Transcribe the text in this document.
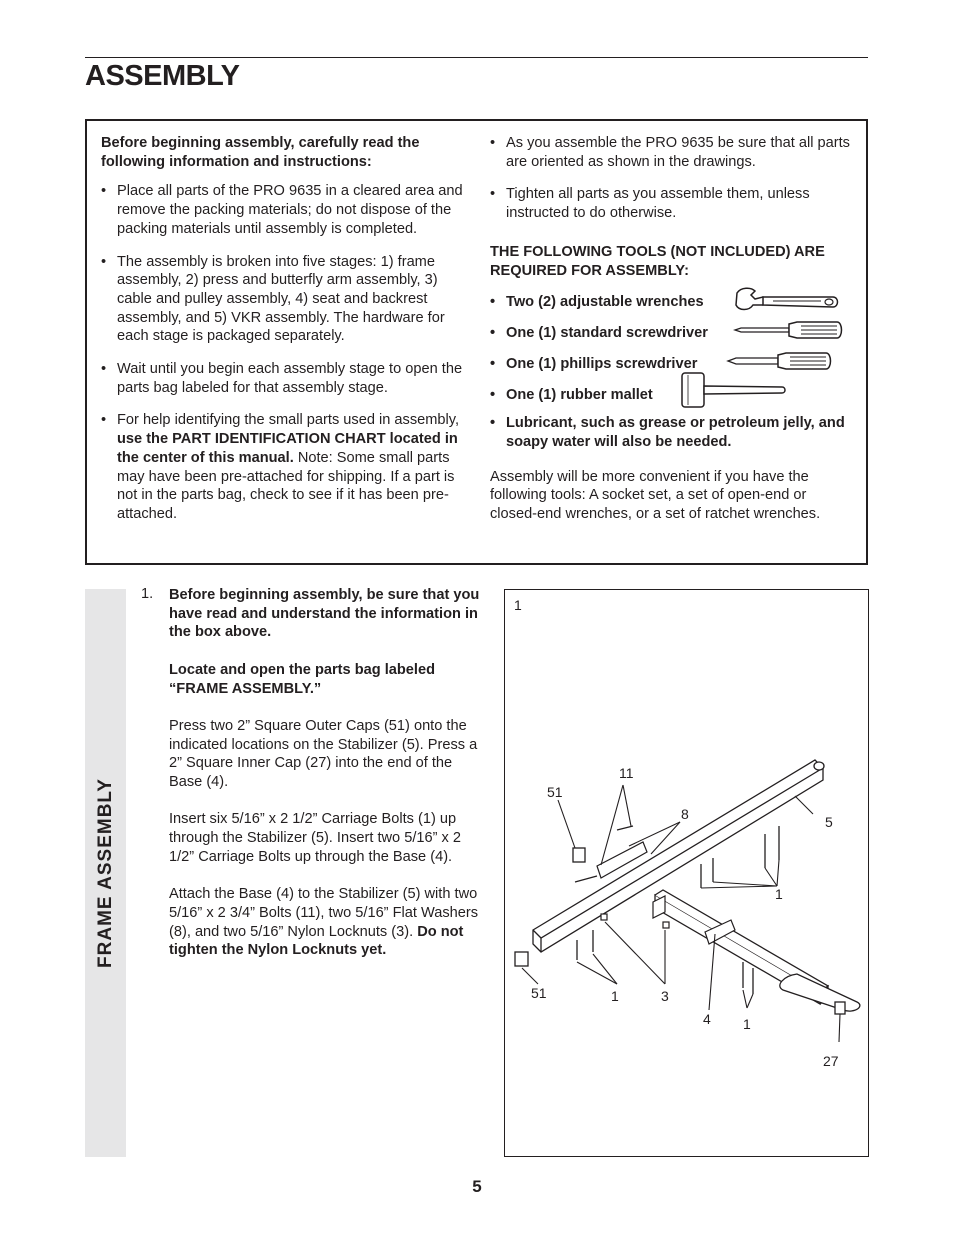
ASSEMBLY

Before beginning assembly, carefully read the following information and instructions:

• Place all parts of the PRO 9635 in a cleared area and remove the packing materials; do not dispose of the packing materials until assembly is completed.

• The assembly is broken into five stages: 1) frame assembly, 2) press and butterfly arm assembly, 3) cable and pulley assembly, 4) seat and backrest assembly, and 5) VKR assembly. The hardware for each stage is packaged separately.

• Wait until you begin each assembly stage to open the parts bag labeled for that assembly stage.

• For help identifying the small parts used in assembly, use the PART IDENTIFICATION CHART located in the center of this manual. Note: Some small parts may have been pre-attached for shipping. If a part is not in the parts bag, check to see if it has been pre-attached.

• As you assemble the PRO 9635 be sure that all parts are oriented as shown in the drawings.

• Tighten all parts as you assemble them, unless instructed to do otherwise.

THE FOLLOWING TOOLS (NOT INCLUDED) ARE REQUIRED FOR ASSEMBLY:

• Two (2) adjustable wrenches
• One (1) standard screwdriver
• One (1) phillips screwdriver
• One (1) rubber mallet

• Lubricant, such as grease or petroleum jelly, and soapy water will also be needed.

Assembly will be more convenient if you have the following tools: A socket set, a set of open-end or closed-end wrenches, or a set of ratchet wrenches.

FRAME ASSEMBLY
1. Before beginning assembly, be sure that you have read and understand the information in the box above.

Locate and open the parts bag labeled “FRAME ASSEMBLY.”

Press two 2” Square Outer Caps (51) onto the indicated locations on the Stabilizer (5). Press a 2” Square Inner Cap (27) into the end of the Base (4).

Insert six 5/16” x 2 1/2” Carriage Bolts (1) up through the Stabilizer (5). Insert two 5/16” x 2 1/2” Carriage Bolts up through the Base (4).

Attach the Base (4) to the Stabilizer (5) with two 5/16” x 2 3/4” Bolts (11), two 5/16” Flat Washers (8), and two 5/16” Nylon Locknuts (3). Do not tighten the Nylon Locknuts yet.

1
11
51
8	5
1
51	1	3
4 1
27
5
